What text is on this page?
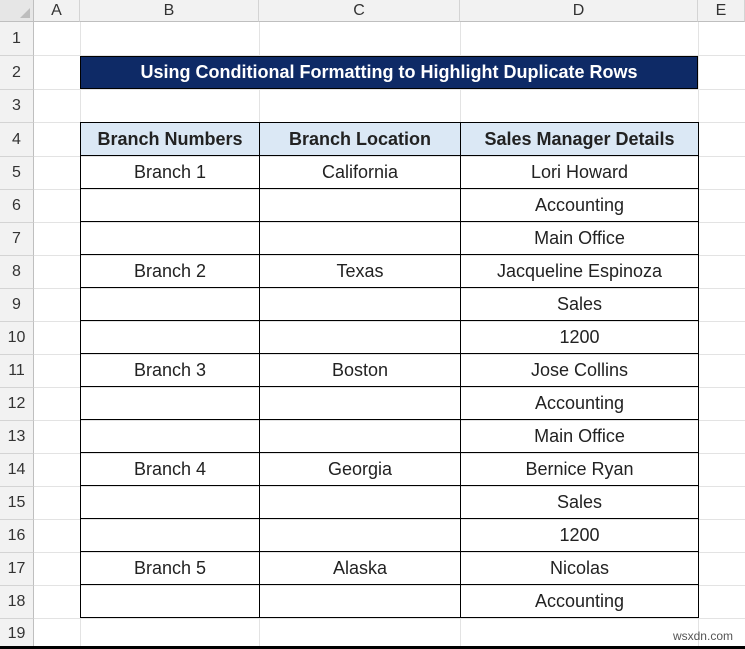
A	B	C	D	E
1
2
3
4
5
6
7
8
9
10
11
12
13
14
15
16
17
18
19
Using Conditional Formatting to Highlight Duplicate Rows
Branch Numbers	Branch Location	Sales Manager Details
Branch 1	California	Lori Howard
		Accounting
		Main Office
Branch 2	Texas	Jacqueline Espinoza
		Sales
		1200
Branch 3	Boston	Jose Collins
		Accounting
		Main Office
Branch 4	Georgia	Bernice Ryan
		Sales
		1200
Branch 5	Alaska	Nicolas
		Accounting
wsxdn.com
